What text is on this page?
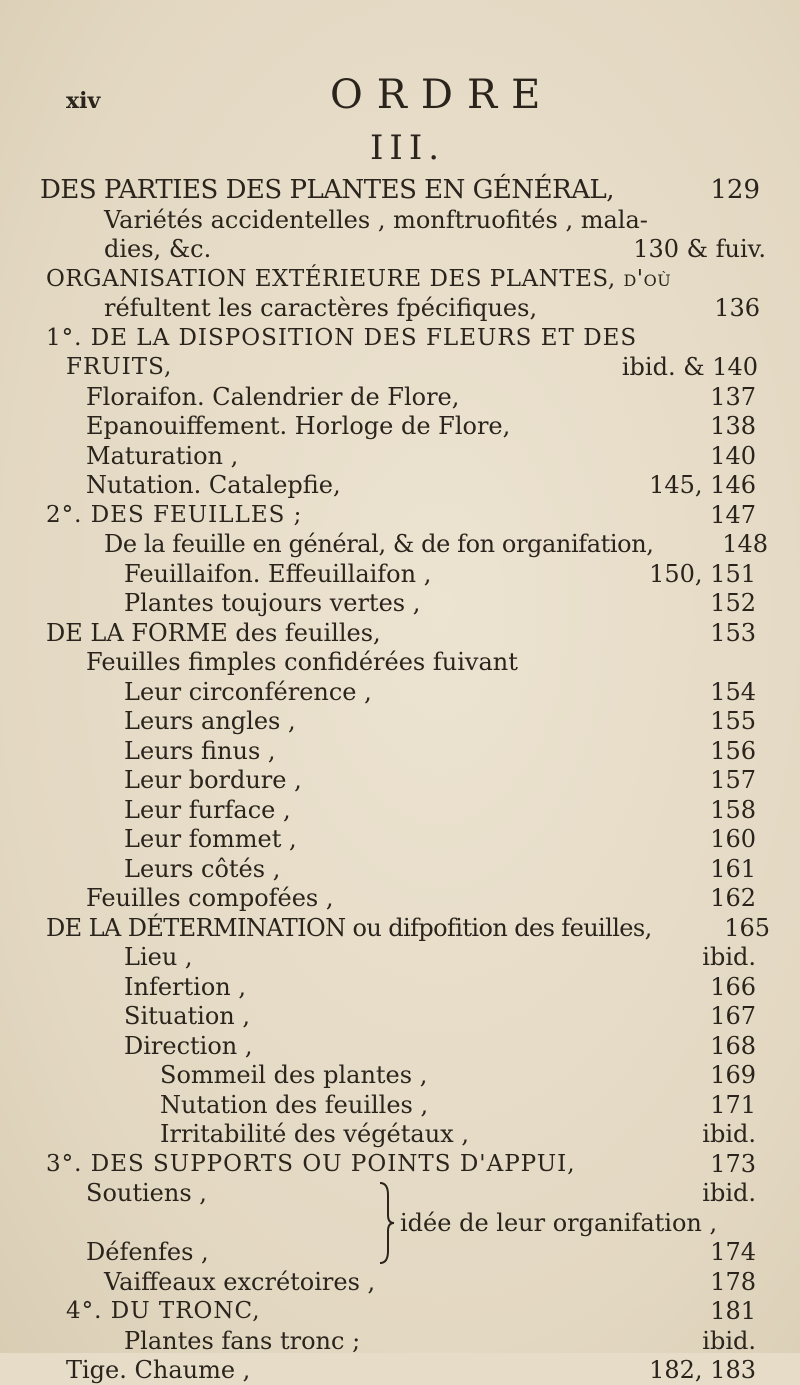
xiv	ORDRE
III.
DES PARTIES DES PLANTES EN GÉNÉRAL,	129
Variétés accidentelles , monftruofités , mala-
dies, &c.	130 & fuiv.
ORGANISATION EXTÉRIEURE DES PLANTES, d'où
réfultent les caractères fpécifiques,	136
1°. DE LA DISPOSITION DES FLEURS ET DES
FRUITS,	ibid. & 140
Floraifon. Calendrier de Flore,	137
Epanouiffement. Horloge de Flore,	138
Maturation ,	140
Nutation. Catalepfie,	145, 146
2°. DES FEUILLES ;	147
De la feuille en général, & de fon organifation,	148
Feuillaifon. Effeuillaifon ,	150, 151
Plantes toujours vertes ,	152
DE LA FORME des feuilles,	153
Feuilles fimples confidérées fuivant
Leur circonférence ,	154
Leurs angles ,	155
Leurs finus ,	156
Leur bordure ,	157
Leur furface ,	158
Leur fommet ,	160
Leurs côtés ,	161
Feuilles compofées ,	162
DE LA DÉTERMINATION ou difpofition des feuilles,	165
Lieu ,	ibid.
Infertion ,	166
Situation ,	167
Direction ,	168
Sommeil des plantes ,	169
Nutation des feuilles ,	171
Irritabilité des végétaux ,	ibid.
3°. DES SUPPORTS OU POINTS D'APPUI,	173
Soutiens ,	ibid.
idée de leur organifation ,
Défenfes ,	174
Vaiffeaux excrétoires ,	178
4°. DU TRONC,	181
Plantes fans tronc ;	ibid.
Tige. Chaume ,	182, 183
